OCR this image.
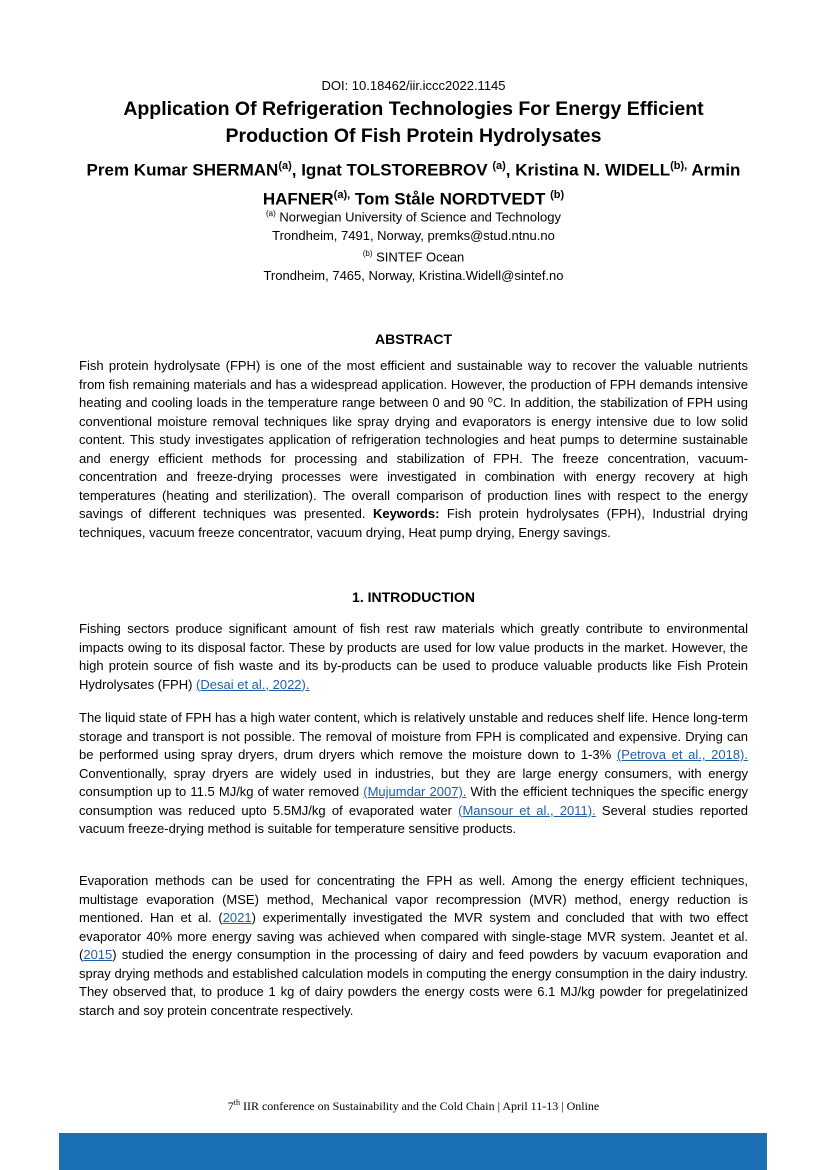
DOI: 10.18462/iir.iccc2022.1145
Application Of Refrigeration Technologies For Energy Efficient
Production Of Fish Protein Hydrolysates
Prem Kumar SHERMAN$^{(a)}$, Ignat TOLSTOREBROV $^{(a)}$, Kristina N. $WIDELL^{(b),}$ Armin
$HAFNER^{(a),}$ Tom Ståle NORDTVEDT $^{(b)}$
$^{(a)}$ Norwegian University of Science and Technology
Trondheim, 7491, Norway, premks@stud.ntnu.no
$^{(b)}$ SINTEF Ocean
Trondheim, 7465, Norway, Kristina.Widell@sintef.no
ABSTRACT

Fish protein hydrolysate (FPH) is one of the most efficient and sustainable way to recover the valuable nutrients from fish remaining materials and has a widespread application. However, the production of FPH demands intensive heating and cooling loads in the temperature range between 0 and 90 ⁰C. In addition, the stabilization of FPH using conventional moisture removal techniques like spray drying and evaporators is energy intensive due to low solid content. This study investigates application of refrigeration technologies and heat pumps to determine sustainable and energy efficient methods for processing and stabilization of FPH. The freeze concentration, vacuum-concentration and freeze-drying processes were investigated in combination with energy recovery at high temperatures (heating and sterilization). The overall comparison of production lines with respect to the energy savings of different techniques was presented. Keywords: Fish protein hydrolysates (FPH), Industrial drying techniques, vacuum freeze concentrator, vacuum drying, Heat pump drying, Energy savings.

1. INTRODUCTION

Fishing sectors produce significant amount of fish rest raw materials which greatly contribute to environmental impacts owing to its disposal factor. These by products are used for low value products in the market. However, the high protein source of fish waste and its by-products can be used to produce valuable products like Fish Protein Hydrolysates (FPH) (Desai et al., 2022).

The liquid state of FPH has a high water content, which is relatively unstable and reduces shelf life. Hence long-term storage and transport is not possible. The removal of moisture from FPH is complicated and expensive. Drying can be performed using spray dryers, drum dryers which remove the moisture down to 1-3% (Petrova et al., 2018). Conventionally, spray dryers are widely used in industries, but they are large energy consumers, with energy consumption up to 11.5 MJ/kg of water removed (Mujumdar 2007). With the efficient techniques the specific energy consumption was reduced upto 5.5MJ/kg of evaporated water (Mansour et al., 2011). Several studies reported vacuum freeze-drying method is suitable for temperature sensitive products.

Evaporation methods can be used for concentrating the FPH as well. Among the energy efficient techniques, multistage evaporation (MSE) method, Mechanical vapor recompression (MVR) method, energy reduction is mentioned. Han et al. (2021) experimentally investigated the MVR system and concluded that with two effect evaporator 40% more energy saving was achieved when compared with single-stage MVR system. Jeantet et al. (2015) studied the energy consumption in the processing of dairy and feed powders by vacuum evaporation and spray drying methods and established calculation models in computing the energy consumption in the dairy industry. They observed that, to produce 1 kg of dairy powders the energy costs were 6.1 MJ/kg powder for pregelatinized starch and soy protein concentrate respectively.

7th IIR conference on Sustainability and the Cold Chain | April 11-13 | Online
